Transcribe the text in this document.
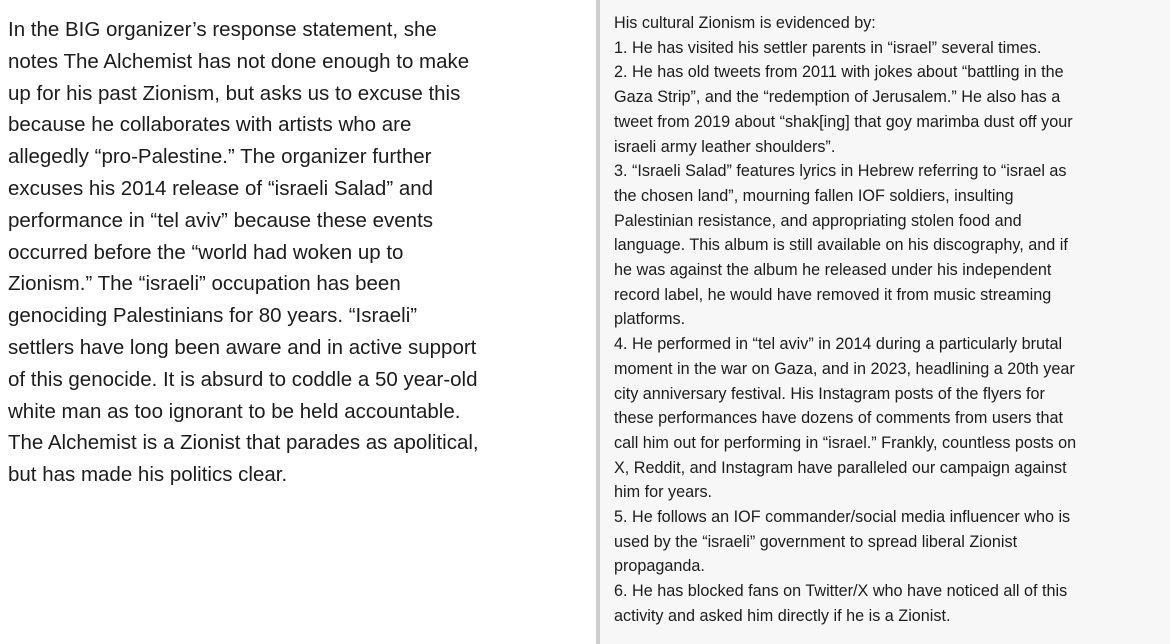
In the BIG organizer’s response statement, she
notes The Alchemist has not done enough to make
up for his past Zionism, but asks us to excuse this
because he collaborates with artists who are
allegedly “pro-Palestine.” The organizer further
excuses his 2014 release of “israeli Salad” and
performance in “tel aviv” because these events
occurred before the “world had woken up to
Zionism.” The “israeli” occupation has been
genociding Palestinians for 80 years. “Israeli”
settlers have long been aware and in active support
of this genocide. It is absurd to coddle a 50 year-old
white man as too ignorant to be held accountable.
The Alchemist is a Zionist that parades as apolitical,
but has made his politics clear.

His cultural Zionism is evidenced by:
1. He has visited his settler parents in “israel” several times.
2. He has old tweets from 2011 with jokes about “battling in the
Gaza Strip”, and the “redemption of Jerusalem.” He also has a
tweet from 2019 about “shak[ing] that goy marimba dust off your
israeli army leather shoulders”.
3. “Israeli Salad” features lyrics in Hebrew referring to “israel as
the chosen land”, mourning fallen IOF soldiers, insulting
Palestinian resistance, and appropriating stolen food and
language. This album is still available on his discography, and if
he was against the album he released under his independent
record label, he would have removed it from music streaming
platforms.
4. He performed in “tel aviv” in 2014 during a particularly brutal
moment in the war on Gaza, and in 2023, headlining a 20th year
city anniversary festival. His Instagram posts of the flyers for
these performances have dozens of comments from users that
call him out for performing in “israel.” Frankly, countless posts on
X, Reddit, and Instagram have paralleled our campaign against
him for years.
5. He follows an IOF commander/social media influencer who is
used by the “israeli” government to spread liberal Zionist
propaganda.
6. He has blocked fans on Twitter/X who have noticed all of this
activity and asked him directly if he is a Zionist.
